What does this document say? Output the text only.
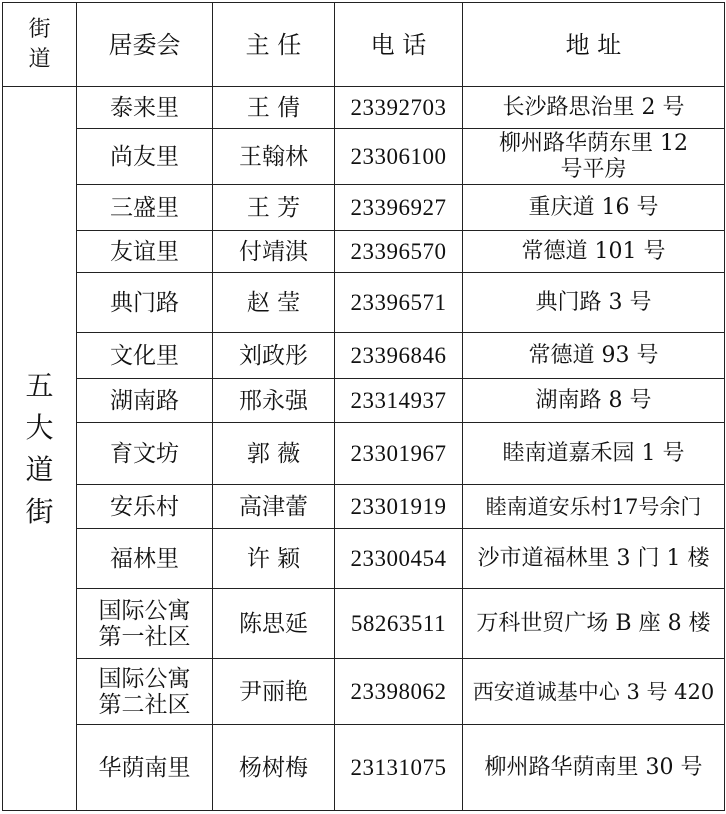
街道	居委会	主 任	电 话	地 址
五大道街	泰来里	王 倩	23392703	长沙路思治里 2 号
	尚友里	王翰林	23306100	柳州路华荫东里 12 号平房
	三盛里	王 芳	23396927	重庆道 16 号
	友谊里	付靖淇	23396570	常德道 101 号
	典门路	赵 莹	23396571	典门路 3 号
	文化里	刘政彤	23396846	常德道 93 号
	湖南路	邢永强	23314937	湖南路 8 号
	育文坊	郭 薇	23301967	睦南道嘉禾园 1 号
	安乐村	高津蕾	23301919	睦南道安乐村17号余门
	福林里	许 颖	23300454	沙市道福林里 3 门 1 楼
	国际公寓第一社区	陈思延	58263511	万科世贸广场 B 座 8 楼
	国际公寓第二社区	尹丽艳	23398062	西安道诚基中心 3 号 420
	华荫南里	杨树梅	23131075	柳州路华荫南里 30 号
